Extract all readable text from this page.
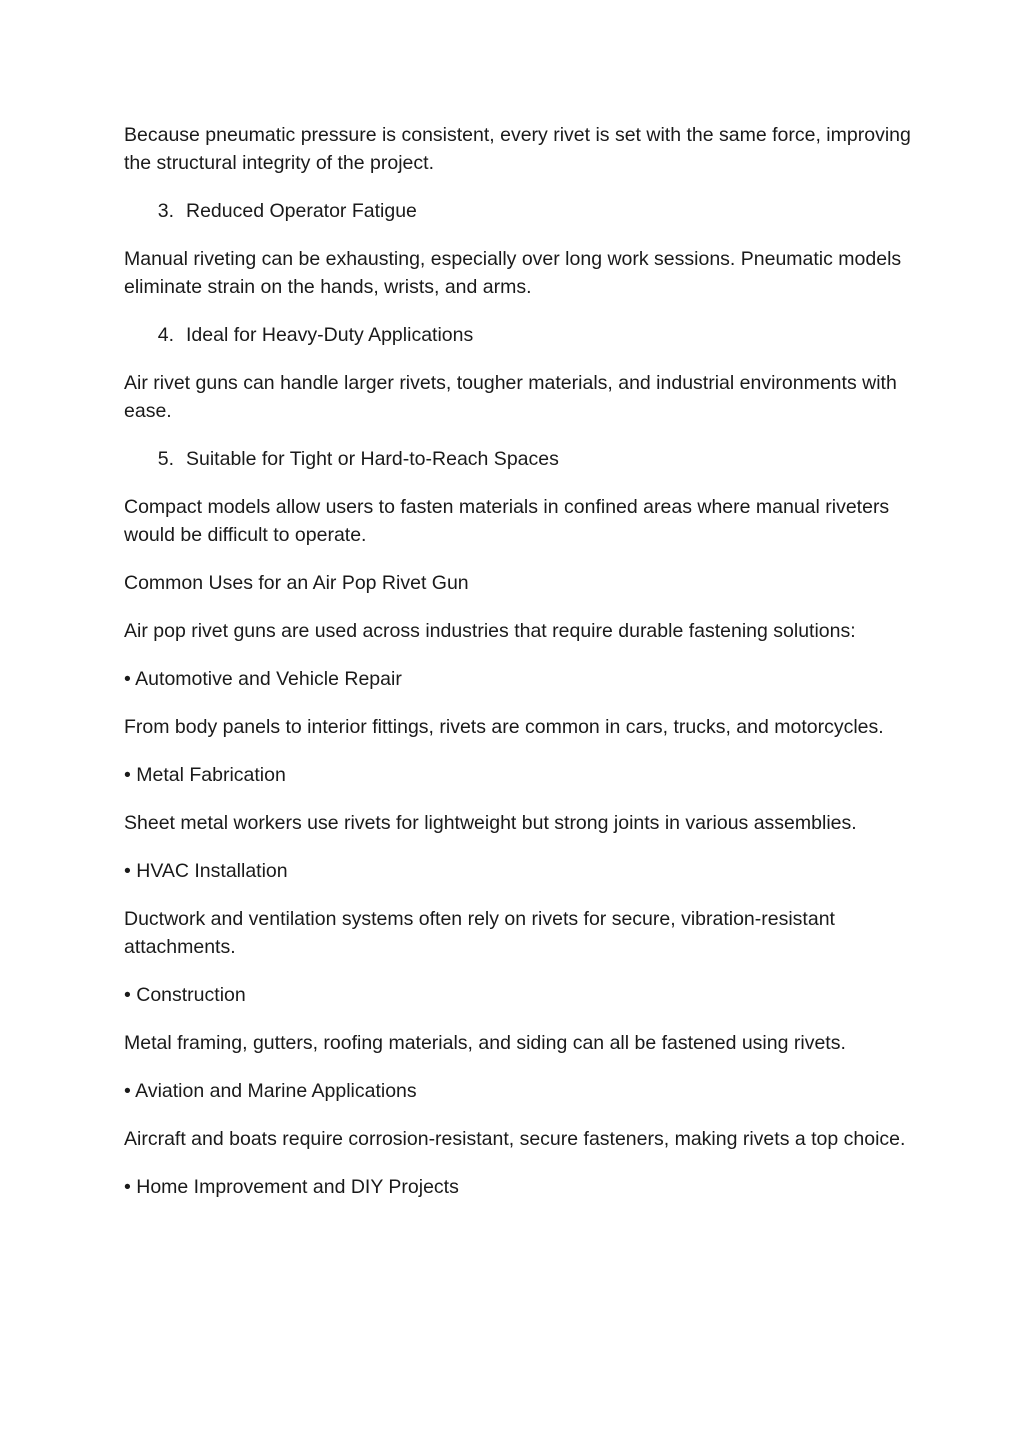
Because pneumatic pressure is consistent, every rivet is set with the same force, improving the structural integrity of the project.

3. Reduced Operator Fatigue

Manual riveting can be exhausting, especially over long work sessions. Pneumatic models eliminate strain on the hands, wrists, and arms.

4. Ideal for Heavy-Duty Applications

Air rivet guns can handle larger rivets, tougher materials, and industrial environments with ease.

5. Suitable for Tight or Hard-to-Reach Spaces

Compact models allow users to fasten materials in confined areas where manual riveters would be difficult to operate.

Common Uses for an Air Pop Rivet Gun

Air pop rivet guns are used across industries that require durable fastening solutions:

• Automotive and Vehicle Repair

From body panels to interior fittings, rivets are common in cars, trucks, and motorcycles.

• Metal Fabrication

Sheet metal workers use rivets for lightweight but strong joints in various assemblies.

• HVAC Installation

Ductwork and ventilation systems often rely on rivets for secure, vibration-resistant attachments.

• Construction

Metal framing, gutters, roofing materials, and siding can all be fastened using rivets.

• Aviation and Marine Applications

Aircraft and boats require corrosion-resistant, secure fasteners, making rivets a top choice.

• Home Improvement and DIY Projects
